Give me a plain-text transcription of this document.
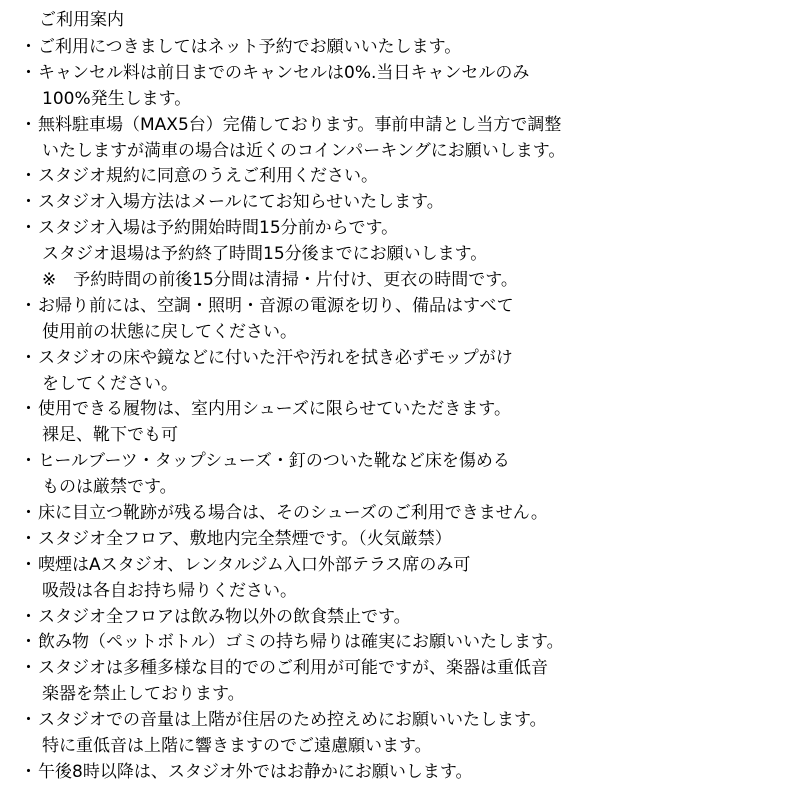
ご利用案内
・ ご利用につきましてはネット予約でお願いいたします。
・ キャンセル料は前日までのキャンセルは0%.当日キャンセルのみ
100%発生します。
・ 無料駐車場（MAX5台）完備しております。事前申請とし当方で調整
いたしますが満車の場合は近くのコインパーキングにお願いします。
・ スタジオ規約に同意のうえご利用ください。
・ スタジオ入場方法はメールにてお知らせいたします。
・ スタジオ入場は予約開始時間15分前からです。
スタジオ退場は予約終了時間15分後までにお願いします。
※　予約時間の前後15分間は清掃・片付け、更衣の時間です。
・ お帰り前には、空調・照明・音源の電源を切り、備品はすべて
使用前の状態に戻してください。
・ スタジオの床や鏡などに付いた汗や汚れを拭き必ずモップがけ
をしてください。
・ 使用できる履物は、室内用シューズに限らせていただきます。
裸足、靴下でも可
・ ヒールブーツ・タップシューズ・釘のついた靴など床を傷める
ものは厳禁です。
・ 床に目立つ靴跡が残る場合は、そのシューズのご利用できません。
・ スタジオ全フロア、敷地内完全禁煙です。（火気厳禁）
・ 喫煙はAスタジオ、レンタルジム入口外部テラス席のみ可
吸殻は各自お持ち帰りください。
・ スタジオ全フロアは飲み物以外の飲食禁止です。
・ 飲み物（ペットボトル）ゴミの持ち帰りは確実にお願いいたします。
・ スタジオは多種多様な目的でのご利用が可能ですが、楽器は重低音
楽器を禁止しております。
・ スタジオでの音量は上階が住居のため控えめにお願いいたします。
特に重低音は上階に響きますのでご遠慮願います。
・ 午後8時以降は、スタジオ外ではお静かにお願いします。
